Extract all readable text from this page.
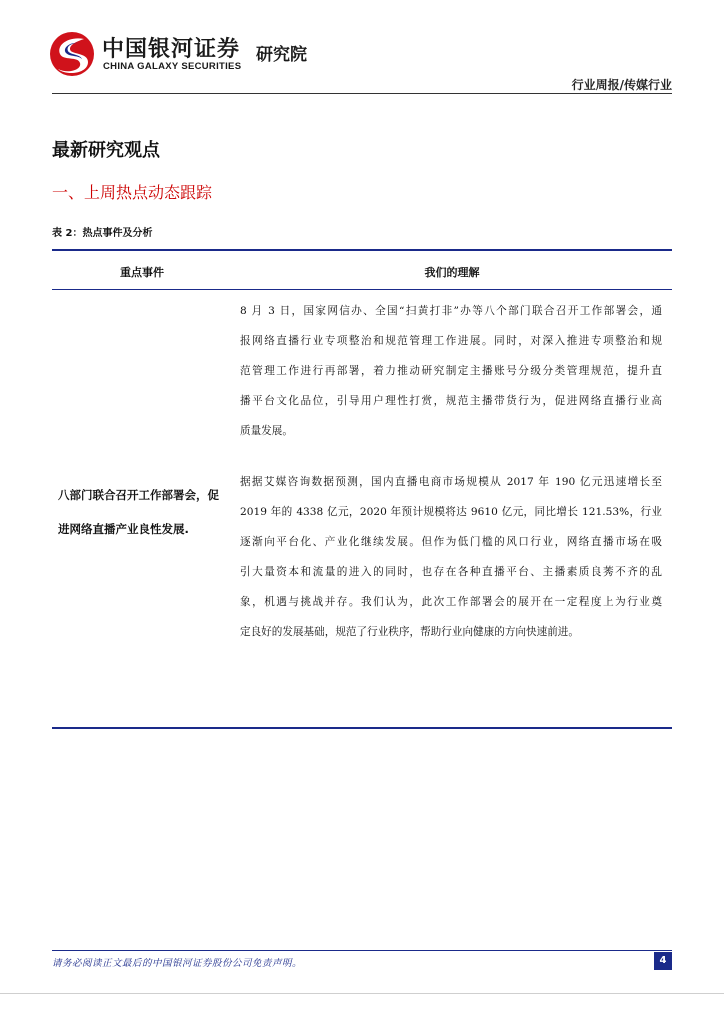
中国银河证券
CHINA GALAXY SECURITIES
研究院
行业周报/传媒行业
最新研究观点
一、上周热点动态跟踪
表 2：热点事件及分析
重点事件	我们的理解
八部门联合召开工作部署会，促
进网络直播产业良性发展.
8 月 3 日，国家网信办、全国“扫黄打非”办等八个部门联合召开工作部署会，通
报网络直播行业专项整治和规范管理工作进展。同时，对深入推进专项整治和规
范管理工作进行再部署，着力推动研究制定主播账号分级分类管理规范，提升直
播平台文化品位，引导用户理性打赏，规范主播带货行为，促进网络直播行业高
质量发展。
据据艾媒咨询数据预测，国内直播电商市场规模从 2017 年 190 亿元迅速增长至
2019 年的 4338 亿元，2020 年预计规模将达 9610 亿元，同比增长 121.53%，行业
逐渐向平台化、产业化继续发展。但作为低门槛的风口行业，网络直播市场在吸
引大量资本和流量的进入的同时，也存在各种直播平台、主播素质良莠不齐的乱
象，机遇与挑战并存。我们认为，此次工作部署会的展开在一定程度上为行业奠
定良好的发展基础，规范了行业秩序，帮助行业向健康的方向快速前进。
请务必阅读正文最后的中国银河证券股份公司免责声明。	4
